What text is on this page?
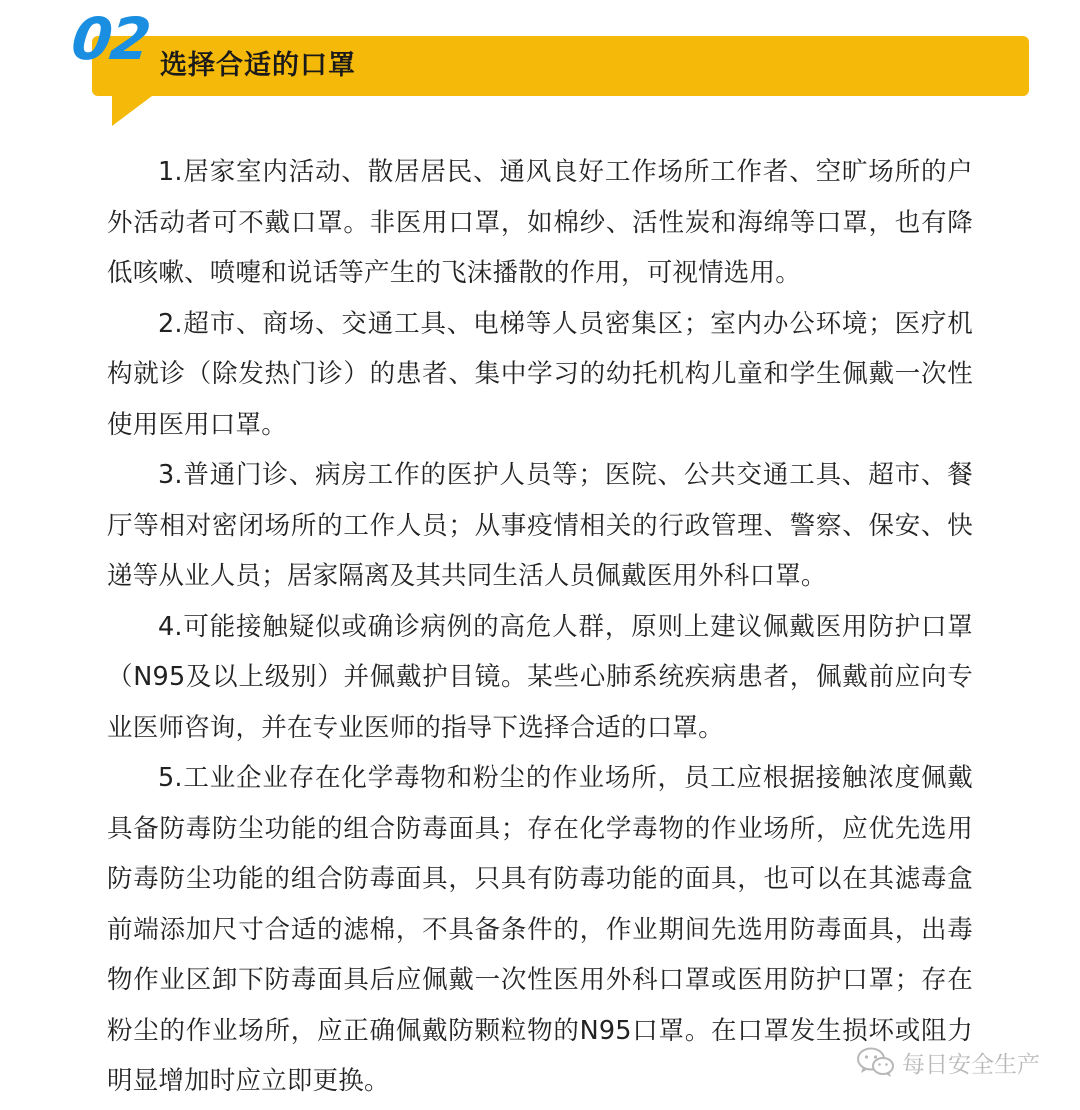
02 选择合适的口罩

1.居家室内活动、散居居民、通风良好工作场所工作者、空旷场所的户外活动者可不戴口罩。非医用口罩，如棉纱、活性炭和海绵等口罩，也有降低咳嗽、喷嚏和说话等产生的飞沫播散的作用，可视情选用。

2.超市、商场、交通工具、电梯等人员密集区；室内办公环境；医疗机构就诊（除发热门诊）的患者、集中学习的幼托机构儿童和学生佩戴一次性使用医用口罩。

3.普通门诊、病房工作的医护人员等；医院、公共交通工具、超市、餐厅等相对密闭场所的工作人员；从事疫情相关的行政管理、警察、保安、快递等从业人员；居家隔离及其共同生活人员佩戴医用外科口罩。

4.可能接触疑似或确诊病例的高危人群，原则上建议佩戴医用防护口罩（N95及以上级别）并佩戴护目镜。某些心肺系统疾病患者，佩戴前应向专业医师咨询，并在专业医师的指导下选择合适的口罩。

5.工业企业存在化学毒物和粉尘的作业场所，员工应根据接触浓度佩戴具备防毒防尘功能的组合防毒面具；存在化学毒物的作业场所，应优先选用防毒防尘功能的组合防毒面具，只具有防毒功能的面具，也可以在其滤毒盒前端添加尺寸合适的滤棉，不具备条件的，作业期间先选用防毒面具，出毒物作业区卸下防毒面具后应佩戴一次性医用外科口罩或医用防护口罩；存在粉尘的作业场所，应正确佩戴防颗粒物的N95口罩。在口罩发生损坏或阻力明显增加时应立即更换。

每日安全生产
